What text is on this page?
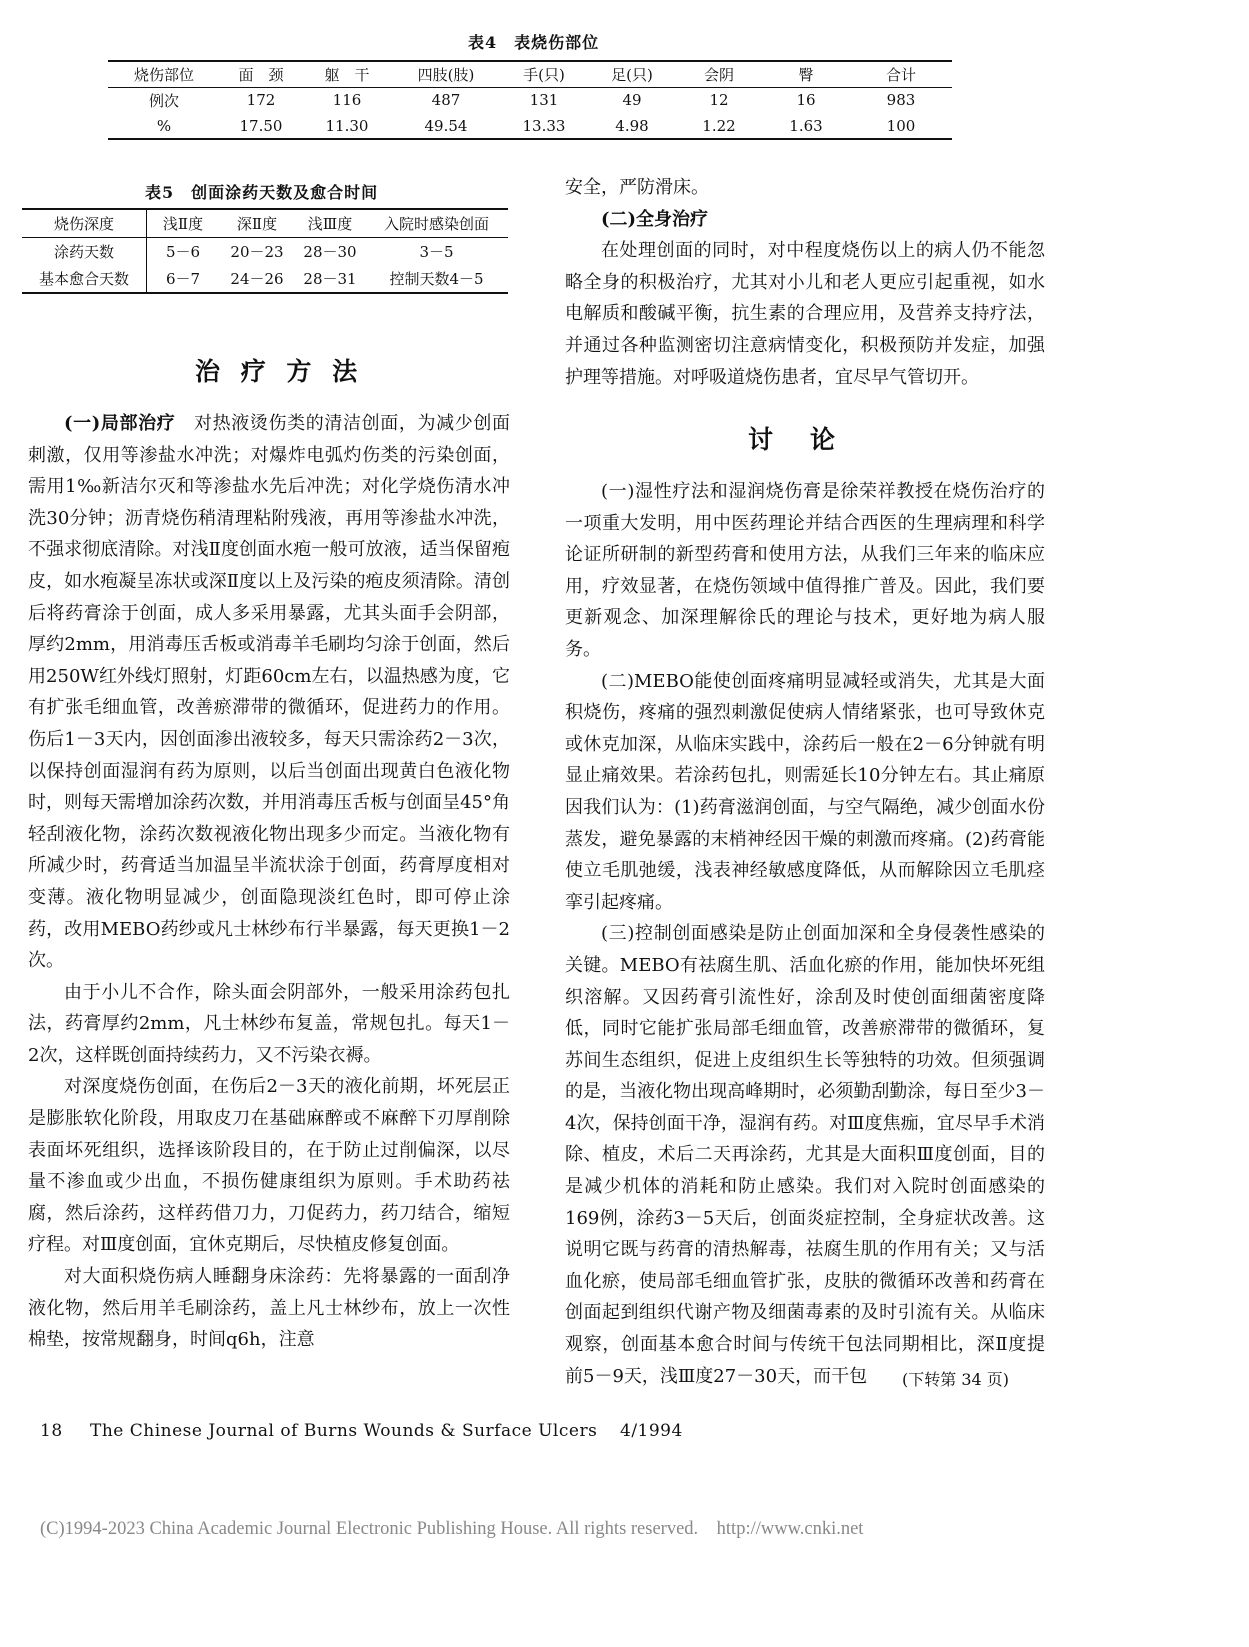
表4　表烧伤部位
烧伤部位	面　颈	躯　干	四肢(肢)	手(只)	足(只)	会阴	臀	合计
例次	172	116	487	131	49	12	16	983
%	17.50	11.30	49.54	13.33	4.98	1.22	1.63	100
表5　创面涂药天数及愈合时间
烧伤深度	浅Ⅱ度	深Ⅱ度	浅Ⅲ度	入院时感染创面
涂药天数	5－6	20－23	28－30	3－5
基本愈合天数	6－7	24－26	28－31	控制天数4－5
治 疗 方 法

(一)局部治疗　对热液烫伤类的清洁创面，为减少创面刺激，仅用等渗盐水冲洗；对爆炸电弧灼伤类的污染创面，需用1‰新洁尔灭和等渗盐水先后冲洗；对化学烧伤清水冲洗30分钟；沥青烧伤稍清理粘附残液，再用等渗盐水冲洗，不强求彻底清除。对浅Ⅱ度创面水疱一般可放液，适当保留疱皮，如水疱凝呈冻状或深Ⅱ度以上及污染的疱皮须清除。清创后将药膏涂于创面，成人多采用暴露，尤其头面手会阴部，厚约2mm，用消毒压舌板或消毒羊毛刷均匀涂于创面，然后用250W红外线灯照射，灯距60cm左右，以温热感为度，它有扩张毛细血管，改善瘀滞带的微循环，促进药力的作用。伤后1－3天内，因创面渗出液较多，每天只需涂药2－3次，以保持创面湿润有药为原则，以后当创面出现黄白色液化物时，则每天需增加涂药次数，并用消毒压舌板与创面呈45°角轻刮液化物，涂药次数视液化物出现多少而定。当液化物有所减少时，药膏适当加温呈半流状涂于创面，药膏厚度相对变薄。液化物明显减少，创面隐现淡红色时，即可停止涂药，改用MEBO药纱或凡士林纱布行半暴露，每天更换1－2次。

由于小儿不合作，除头面会阴部外，一般采用涂药包扎法，药膏厚约2mm，凡士林纱布复盖，常规包扎。每天1－2次，这样既创面持续药力，又不污染衣褥。

对深度烧伤创面，在伤后2－3天的液化前期，坏死层正是膨胀软化阶段，用取皮刀在基础麻醉或不麻醉下刃厚削除表面坏死组织，选择该阶段目的，在于防止过削偏深，以尽量不渗血或少出血，不损伤健康组织为原则。手术助药祛腐，然后涂药，这样药借刀力，刀促药力，药刀结合，缩短疗程。对Ⅲ度创面，宜休克期后，尽快植皮修复创面。

对大面积烧伤病人睡翻身床涂药：先将暴露的一面刮净液化物，然后用羊毛刷涂药，盖上凡士林纱布，放上一次性棉垫，按常规翻身，时间q6h，注意

安全，严防滑床。

(二)全身治疗

在处理创面的同时，对中程度烧伤以上的病人仍不能忽略全身的积极治疗，尤其对小儿和老人更应引起重视，如水电解质和酸碱平衡，抗生素的合理应用，及营养支持疗法，并通过各种监测密切注意病情变化，积极预防并发症，加强护理等措施。对呼吸道烧伤患者，宜尽早气管切开。

讨　论

(一)湿性疗法和湿润烧伤膏是徐荣祥教授在烧伤治疗的一项重大发明，用中医药理论并结合西医的生理病理和科学论证所研制的新型药膏和使用方法，从我们三年来的临床应用，疗效显著，在烧伤领域中值得推广普及。因此，我们要更新观念、加深理解徐氏的理论与技术，更好地为病人服务。

(二)MEBO能使创面疼痛明显减轻或消失，尤其是大面积烧伤，疼痛的强烈刺激促使病人情绪紧张，也可导致休克或休克加深，从临床实践中，涂药后一般在2－6分钟就有明显止痛效果。若涂药包扎，则需延长10分钟左右。其止痛原因我们认为：(1)药膏滋润创面，与空气隔绝，减少创面水份蒸发，避免暴露的末梢神经因干燥的刺激而疼痛。(2)药膏能使立毛肌弛缓，浅表神经敏感度降低，从而解除因立毛肌痉挛引起疼痛。

(三)控制创面感染是防止创面加深和全身侵袭性感染的关键。MEBO有祛腐生肌、活血化瘀的作用，能加快坏死组织溶解。又因药膏引流性好，涂刮及时使创面细菌密度降低，同时它能扩张局部毛细血管，改善瘀滞带的微循环，复苏间生态组织，促进上皮组织生长等独特的功效。但须强调的是，当液化物出现高峰期时，必须勤刮勤涂，每日至少3－4次，保持创面干净，湿润有药。对Ⅲ度焦痂，宜尽早手术消除、植皮，术后二天再涂药，尤其是大面积Ⅲ度创面，目的是减少机体的消耗和防止感染。我们对入院时创面感染的169例，涂药3－5天后，创面炎症控制，全身症状改善。这说明它既与药膏的清热解毒，祛腐生肌的作用有关；又与活血化瘀，使局部毛细血管扩张，皮肤的微循环改善和药膏在创面起到组织代谢产物及细菌毒素的及时引流有关。从临床观察，创面基本愈合时间与传统干包法同期相比，深Ⅱ度提前5－9天，浅Ⅲ度27－30天，而干包	(下转第 34 页)
18 The Chinese Journal of Burns Wounds & Surface Ulcers 4/1994
(C)1994-2023 China Academic Journal Electronic Publishing House. All rights reserved.　http://www.cnki.net
